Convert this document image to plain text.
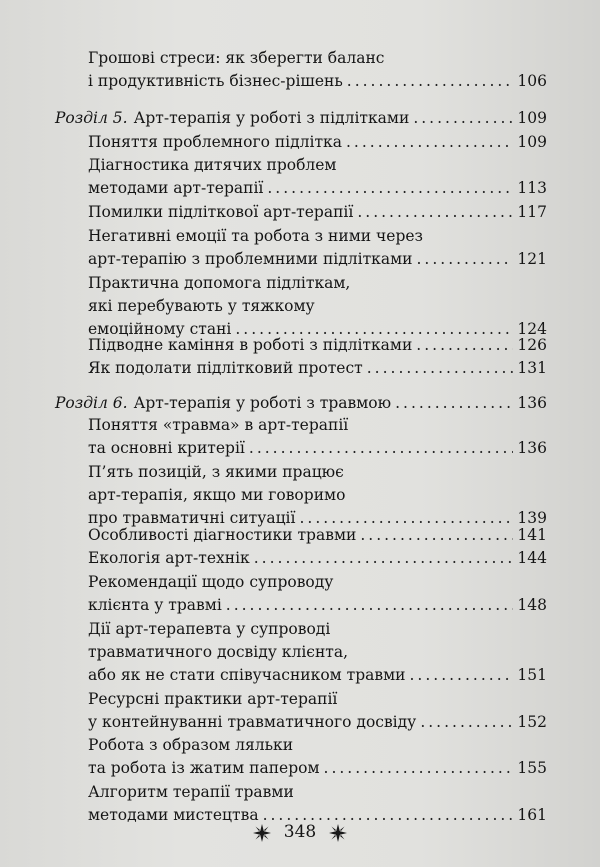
Грошові стреси: як зберегти баланс
і продуктивність бізнес-рішень .....	106
Розділ 5. Арт-терапія у роботі з підлітками .....	109
Поняття проблемного підлітка .....	109
Діагностика дитячих проблем
методами арт-терапії .....	113
Помилки підліткової арт-терапії .....	117
Негативні емоції та робота з ними через
арт-терапію з проблемними підлітками .....	121
Практична допомога підліткам,
які перебувають у тяжкому
емоційному стані .....	124
Підводне каміння в роботі з підлітками .....	126
Як подолати підлітковий протест .....	131
Розділ 6. Арт-терапія у роботі з травмою .....	136
Поняття «травма» в арт-терапії
та основні критерії .....	136
П’ять позицій, з якими працює
арт-терапія, якщо ми говоримо
про травматичні ситуації .....	139
Особливості діагностики травми .....	141
Екологія арт-технік .....	144
Рекомендації щодо супроводу
клієнта у травмі .....	148
Дії арт-терапевта у супроводі
травматичного досвіду клієнта,
або як не стати співучасником травми .....	151
Ресурсні практики арт-терапії
у контейнуванні травматичного досвіду .....	152
Робота з образом ляльки
та робота із жатим папером .....	155
Алгоритм терапії травми
методами мистецтва .....	161
348
